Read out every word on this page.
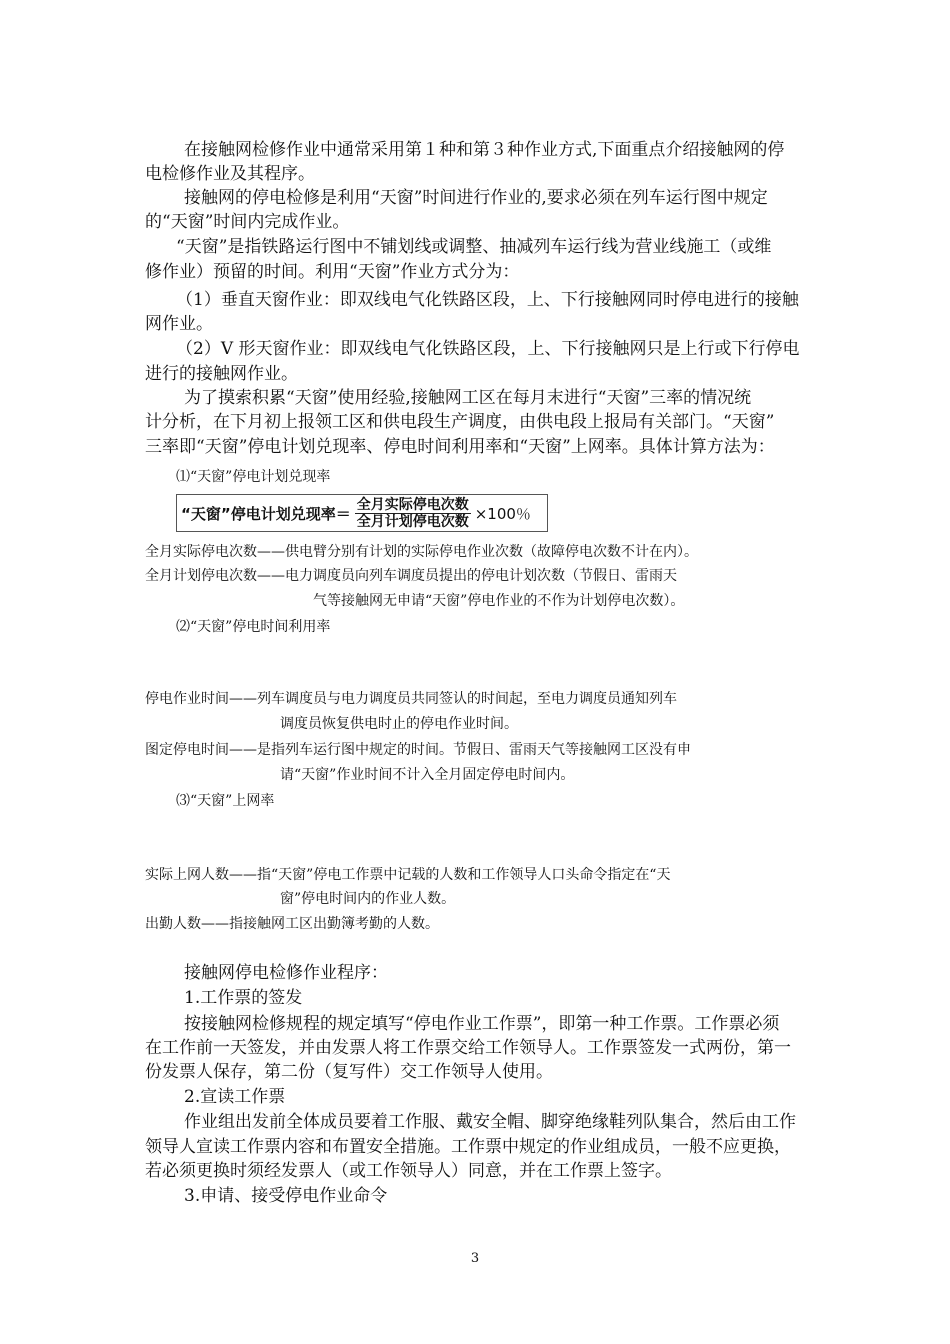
在接触网检修作业中通常采用第１种和第３种作业方式,下面重点介绍接触网的停
电检修作业及其程序。
接触网的停电检修是利用“天窗”时间进行作业的,要求必须在列车运行图中规定
的“天窗”时间内完成作业。
“天窗”是指铁路运行图中不铺划线或调整、抽减列车运行线为营业线施工（或维
修作业）预留的时间。利用“天窗”作业方式分为：
（1）垂直天窗作业：即双线电气化铁路区段，上、下行接触网同时停电进行的接触
网作业。
（2）V 形天窗作业：即双线电气化铁路区段，上、下行接触网只是上行或下行停电
进行的接触网作业。
为了摸索积累“天窗”使用经验,接触网工区在每月末进行“天窗”三率的情况统
计分析，在下月初上报领工区和供电段生产调度，由供电段上报局有关部门。“天窗”
三率即“天窗”停电计划兑现率、停电时间利用率和“天窗”上网率。具体计算方法为：
⑴“天窗”停电计划兑现率
“天窗”停电计划兑现率＝ $\frac{\text{全月实际停电次数}}{\text{全月计划停电次数}} \times 100$％
全月实际停电次数——供电臂分别有计划的实际停电作业次数（故障停电次数不计在内）。
全月计划停电次数——电力调度员向列车调度员提出的停电计划次数（节假日、雷雨天
气等接触网无申请“天窗”停电作业的不作为计划停电次数）。
⑵“天窗”停电时间利用率
停电作业时间——列车调度员与电力调度员共同签认的时间起，至电力调度员通知列车
调度员恢复供电时止的停电作业时间。
图定停电时间——是指列车运行图中规定的时间。节假日、雷雨天气等接触网工区没有申
请“天窗”作业时间不计入全月固定停电时间内。
⑶“天窗”上网率
实际上网人数——指“天窗”停电工作票中记载的人数和工作领导人口头命令指定在“天
窗”停电时间内的作业人数。
出勤人数——指接触网工区出勤簿考勤的人数。
接触网停电检修作业程序：
1.工作票的签发
按接触网检修规程的规定填写“停电作业工作票”，即第一种工作票。工作票必须
在工作前一天签发，并由发票人将工作票交给工作领导人。工作票签发一式两份，第一
份发票人保存，第二份（复写件）交工作领导人使用。
2.宣读工作票
作业组出发前全体成员要着工作服、戴安全帽、脚穿绝缘鞋列队集合，然后由工作
领导人宣读工作票内容和布置安全措施。工作票中规定的作业组成员，一般不应更换，
若必须更换时须经发票人（或工作领导人）同意，并在工作票上签字。
3.申请、接受停电作业命令
3
